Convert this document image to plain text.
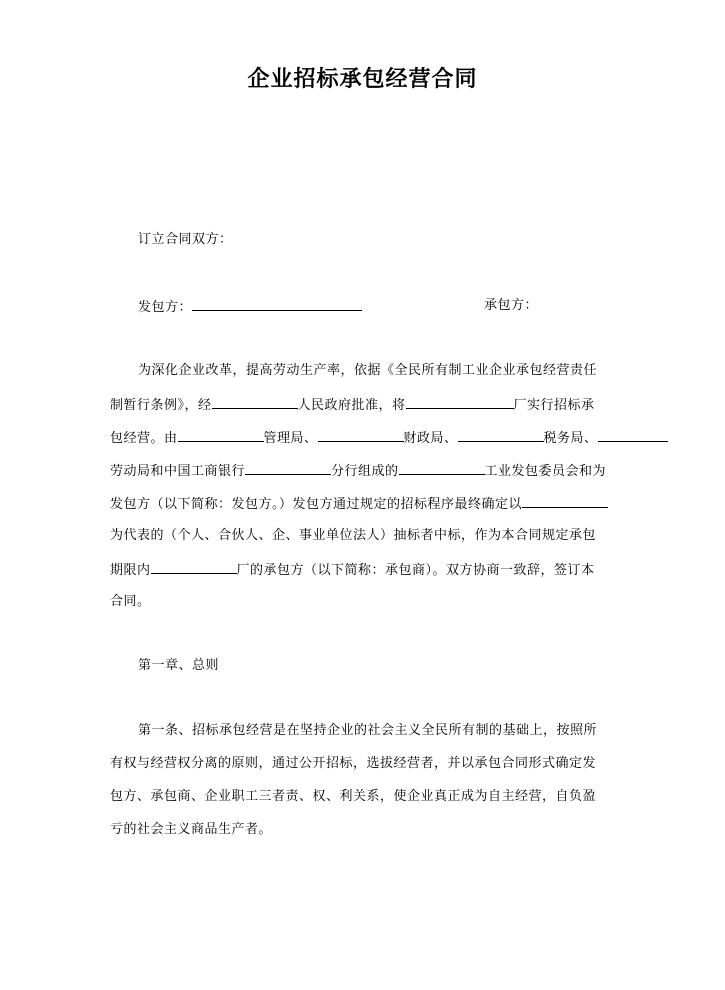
企业招标承包经营合同
订立合同双方：
发包方：	承包方：
为深化企业改革，提高劳动生产率，依据《全民所有制工业企业承包经营责任
制暂行条例》，经	人民政府批准，将	厂实行招标承
包经营。由	管理局、	财政局、	税务局、
劳动局和中国工商银行	分行组成的	工业发包委员会和为
发包方（以下简称：发包方。）发包方通过规定的招标程序最终确定以
为代表的（个人、合伙人、企、事业单位法人）抽标者中标，作为本合同规定承包
期限内	厂的承包方（以下简称：承包商）。双方协商一致辞，签订本
合同。
第一章、总则
第一条、招标承包经营是在坚持企业的社会主义全民所有制的基础上，按照所
有权与经营权分离的原则，通过公开招标，选拔经营者，并以承包合同形式确定发
包方、承包商、企业职工三者责、权、利关系，使企业真正成为自主经营，自负盈
亏的社会主义商品生产者。
